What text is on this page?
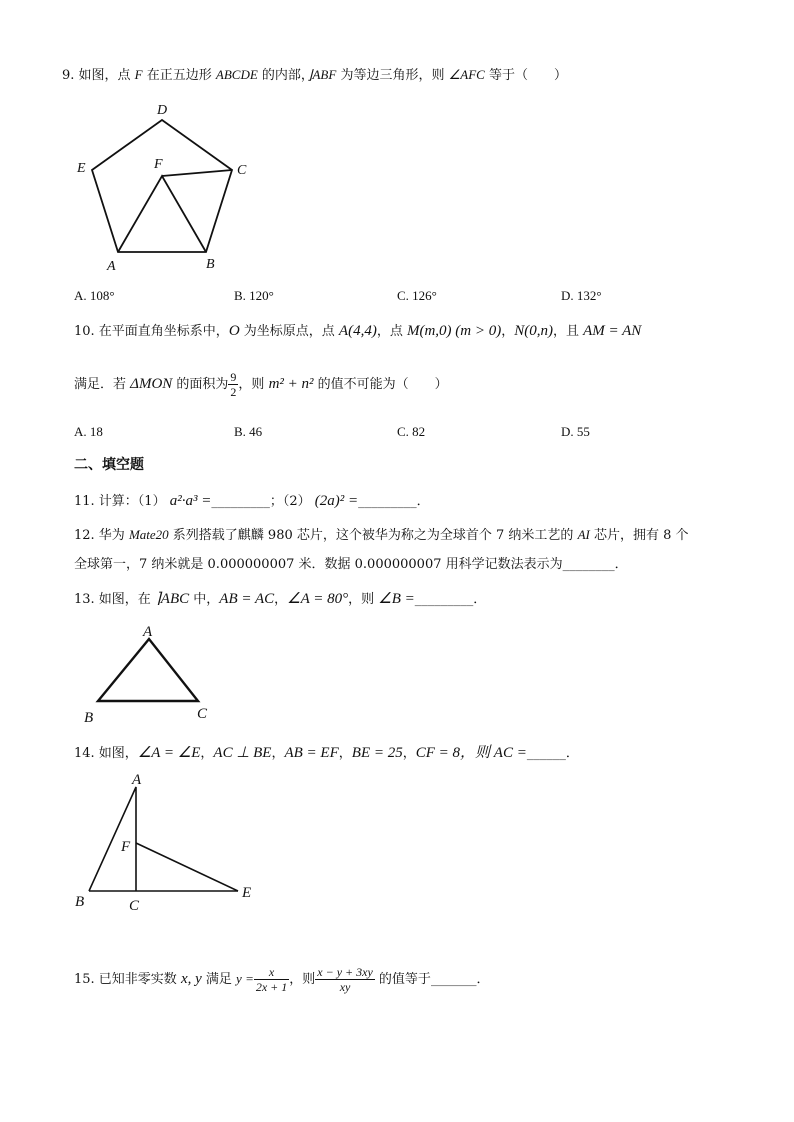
9. 如图，点 F 在正五边形 ABCDE 的内部，⌋ABF 为等边三角形，则 ∠AFC 等于（　　）
D
E	F	C
A	B
A. 108°	B. 120°	C. 126°	D. 132°
10. 在平面直角坐标系中，O 为坐标原点，点 A(4,4)，点 M(m,0) (m > 0)，N(0,n)，且 AM = AN
满足．若 ΔMON 的面积为 $\frac{9}{2}$ ，则 m² + n² 的值不可能为（　　）
A. 18	B. 46	C. 82	D. 55
二、填空题
11. 计算：（1） a²·a³ =_________；（2） (2a)² =_________．
12. 华为 Mate20 系列搭载了麒麟 980 芯片，这个被华为称之为全球首个 7 纳米工艺的 AI 芯片，拥有 8 个
全球第一，7 纳米就是 0.000000007 米．数据 0.000000007 用科学记数法表示为________．
13. 如图，在 ⌉ABC 中，AB = AC，∠A = 80°，则 ∠B =_________．
A
B	C
14. 如图，∠A = ∠E，AC ⊥ BE，AB = EF，BE = 25，CF = 8，则 AC =______．
A
F
B	C
E
15. 已知非零实数 x, y 满足 $y = \frac{x}{2x + 1}$ ，则 $\frac{x - y + 3xy}{xy}$ 的值等于_______．
